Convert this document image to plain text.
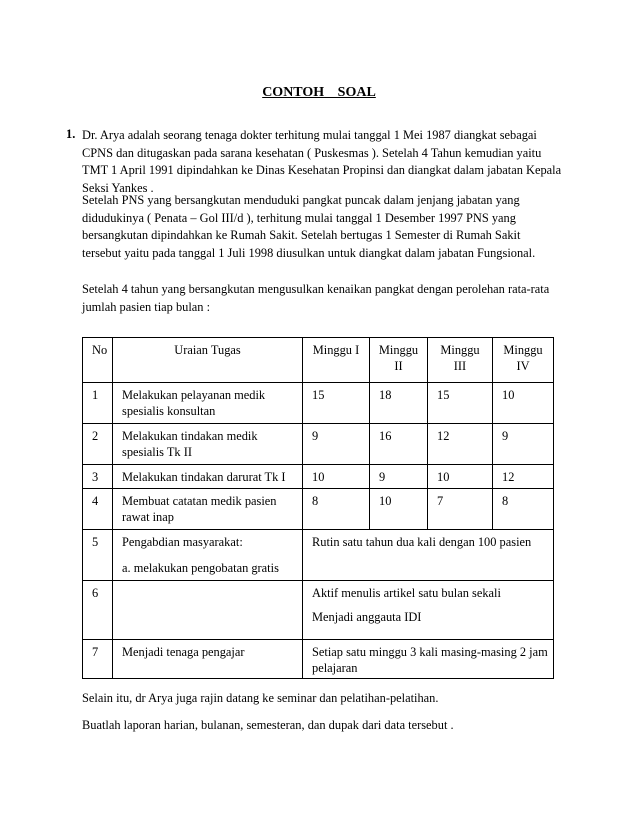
CONTOH SOAL
1. Dr. Arya adalah seorang tenaga dokter terhitung mulai tanggal 1 Mei 1987 diangkat sebagai CPNS dan ditugaskan pada sarana kesehatan ( Puskesmas ). Setelah 4 Tahun kemudian yaitu TMT 1 April 1991 dipindahkan ke Dinas Kesehatan Propinsi dan diangkat dalam jabatan Kepala Seksi Yankes .

Setelah PNS yang bersangkutan menduduki pangkat puncak dalam jenjang jabatan yang didudukinya ( Penata – Gol III/d ), terhitung mulai tanggal 1 Desember 1997 PNS yang bersangkutan dipindahkan ke Rumah Sakit. Setelah bertugas 1 Semester di Rumah Sakit tersebut yaitu pada tanggal 1 Juli 1998 diusulkan untuk diangkat dalam jabatan Fungsional.

Setelah 4 tahun yang bersangkutan mengusulkan kenaikan pangkat dengan perolehan rata-rata jumlah pasien tiap bulan :

No	Uraian Tugas	Minggu I	Minggu II	Minggu III	Minggu IV
1	Melakukan pelayanan medik spesialis konsultan	15	18	15	10
2	Melakukan tindakan medik spesialis Tk II	9	16	12	9
3	Melakukan tindakan darurat Tk I	10	9	10	12
4	Membuat catatan medik pasien rawat inap	8	10	7	8
5	Pengabdian masyarakat:
a. melakukan pengobatan gratis	Rutin satu tahun dua kali dengan 100 pasien			
6		Aktif menulis artikel satu bulan sekali
Menjadi anggauta IDI			

7	Menjadi tenaga pengajar	Setiap satu minggu 3 kali masing-masing 2 jam pelajaran			

Selain itu, dr Arya juga rajin datang ke seminar dan pelatihan-pelatihan.

Buatlah laporan harian, bulanan, semesteran, dan dupak dari data tersebut .
